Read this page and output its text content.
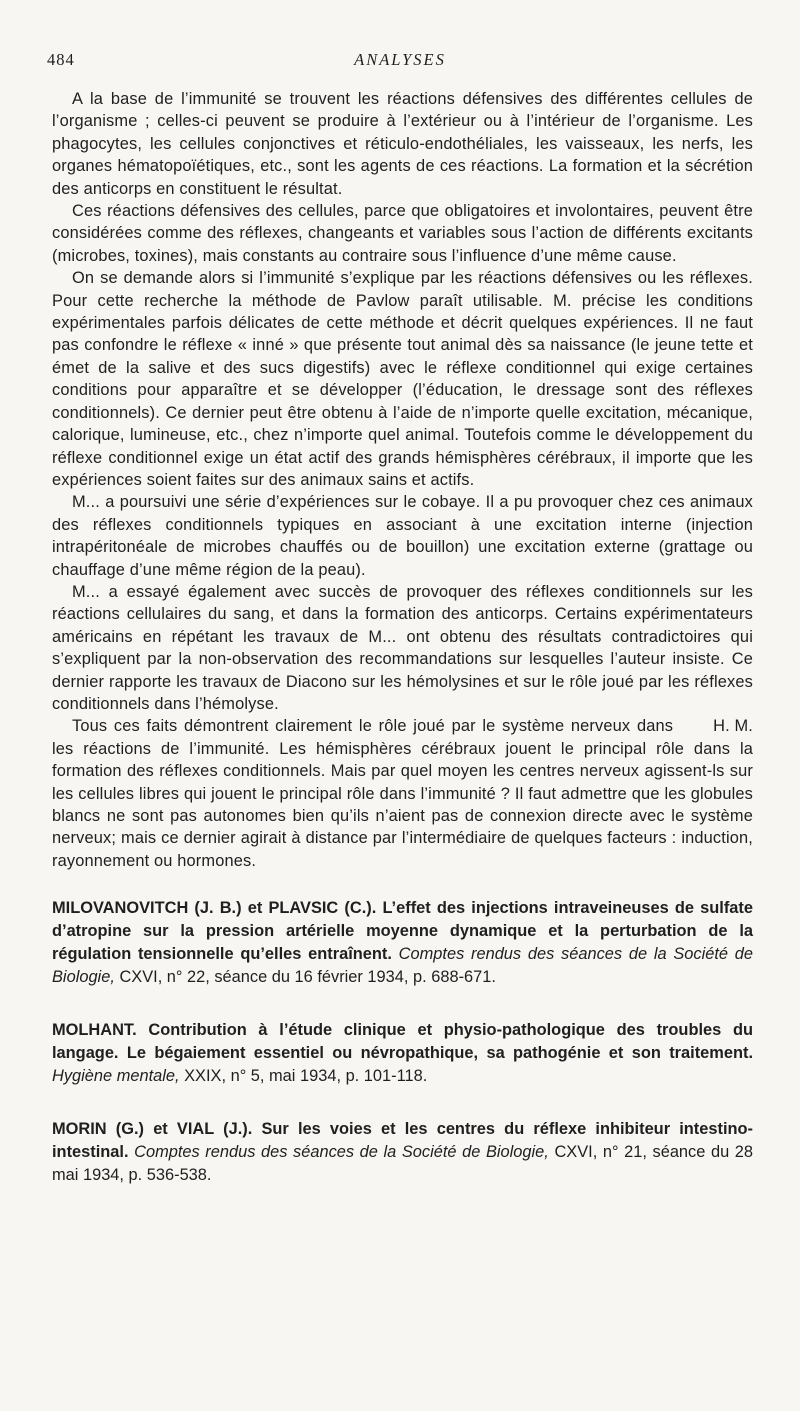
484	ANALYSES

A la base de l’immunité se trouvent les réactions défensives des différentes cellules de l’organisme ; celles-ci peuvent se produire à l’extérieur ou à l’intérieur de l’organisme. Les phagocytes, les cellules conjonctives et réticulo-endothéliales, les vaisseaux, les nerfs, les organes hématopoïétiques, etc., sont les agents de ces réactions. La formation et la sécrétion des anticorps en constituent le résultat.

Ces réactions défensives des cellules, parce que obligatoires et involontaires, peuvent être considérées comme des réflexes, changeants et variables sous l’action de différents excitants (microbes, toxines), mais constants au contraire sous l’influence d’une même cause.

On se demande alors si l’immunité s’explique par les réactions défensives ou les réflexes. Pour cette recherche la méthode de Pavlow paraît utilisable. M. précise les conditions expérimentales parfois délicates de cette méthode et décrit quelques expériences. Il ne faut pas confondre le réflexe « inné » que présente tout animal dès sa naissance (le jeune tette et émet de la salive et des sucs digestifs) avec le réflexe conditionnel qui exige certaines conditions pour apparaître et se développer (l’éducation, le dressage sont des réflexes conditionnels). Ce dernier peut être obtenu à l’aide de n’importe quelle excitation, mécanique, calorique, lumineuse, etc., chez n’importe quel animal. Toutefois comme le développement du réflexe conditionnel exige un état actif des grands hémisphères cérébraux, il importe que les expériences soient faites sur des animaux sains et actifs.

M... a poursuivi une série d’expériences sur le cobaye. Il a pu provoquer chez ces animaux des réflexes conditionnels typiques en associant à une excitation interne (injection intrapéritonéale de microbes chauffés ou de bouillon) une excitation externe (grattage ou chauffage d’une même région de la peau).

M... a essayé également avec succès de provoquer des réflexes conditionnels sur les réactions cellulaires du sang, et dans la formation des anticorps. Certains expérimentateurs américains en répétant les travaux de M... ont obtenu des résultats contradictoires qui s’expliquent par la non-observation des recommandations sur lesquelles l’auteur insiste. Ce dernier rapporte les travaux de Diacono sur les hémolysines et sur le rôle joué par les réflexes conditionnels dans l’hémolyse.

H. M.
Tous ces faits démontrent clairement le rôle joué par le système nerveux dans les réactions de l’immunité. Les hémisphères cérébraux jouent le principal rôle dans la formation des réflexes conditionnels. Mais par quel moyen les centres nerveux agissent-ls sur les cellules libres qui jouent le principal rôle dans l’immunité ? Il faut admettre que les globules blancs ne sont pas autonomes bien qu’ils n’aient pas de connexion directe avec le système nerveux; mais ce dernier agirait à distance par l’intermédiaire de quelques facteurs : induction, rayonnement ou hormones.

MILOVANOVITCH (J. B.) et PLAVSIC (C.). L’effet des injections intraveineuses de sulfate d’atropine sur la pression artérielle moyenne dynamique et la perturbation de la régulation tensionnelle qu’elles entraînent. Comptes rendus des séances de la Société de Biologie, CXVI, n° 22, séance du 16 février 1934, p. 688-671.

MOLHANT. Contribution à l’étude clinique et physio-pathologique des troubles du langage. Le bégaiement essentiel ou névropathique, sa pathogénie et son traitement. Hygiène mentale, XXIX, n° 5, mai 1934, p. 101-118.

MORIN (G.) et VIAL (J.). Sur les voies et les centres du réflexe inhibiteur intestino-intestinal. Comptes rendus des séances de la Société de Biologie, CXVI, n° 21, séance du 28 mai 1934, p. 536-538.
